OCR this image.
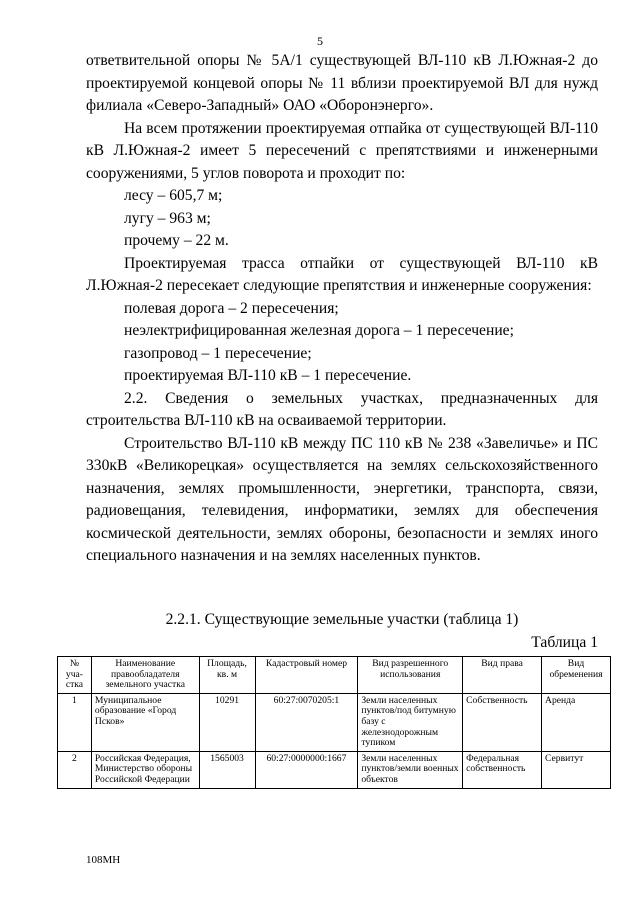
5

ответвительной опоры № 5А/1 существующей ВЛ-110 кВ Л.Южная-2 до проектируемой концевой опоры № 11 вблизи проектируемой ВЛ для нужд филиала «Северо-Западный» ОАО «Оборонэнерго».

На всем протяжении проектируемая отпайка от существующей ВЛ-110 кВ Л.Южная-2 имеет 5 пересечений с препятствиями и инженерными сооружениями, 5 углов поворота и проходит по:

лесу – 605,7 м;

лугу – 963 м;

прочему – 22 м.

Проектируемая трасса отпайки от существующей ВЛ-110 кВ Л.Южная-2 пересекает следующие препятствия и инженерные сооружения:

полевая дорога – 2 пересечения;

неэлектрифицированная железная дорога – 1 пересечение;

газопровод – 1 пересечение;

проектируемая ВЛ-110 кВ – 1 пересечение.

2.2. Сведения о земельных участках, предназначенных для строительства ВЛ-110 кВ на осваиваемой территории.

Строительство ВЛ-110 кВ между ПС 110 кВ № 238 «Завеличье» и ПС 330кВ «Великорецкая» осуществляется на землях сельскохозяйственного назначения, землях промышленности, энергетики, транспорта, связи, радиовещания, телевидения, информатики, землях для обеспечения космической деятельности, землях обороны, безопасности и землях иного специального назначения и на землях населенных пунктов.

2.2.1. Существующие земельные участки (таблица 1)
Таблица 1
№ уча-стка	Наименование правообладателя земельного участка	Площадь, кв. м	Кадастровый номер	Вид разрешенного использования	Вид права	Вид обременения
1	Муниципальное образование «Город Псков»	10291	60:27:0070205:1	Земли населенных пунктов/под битумную базу с железнодорожным тупиком	Собственность	Аренда
2	Российская Федерация, Министерство обороны Российской Федерации	1565003	60:27:0000000:1667	Земли населенных пунктов/земли военных объектов	Федеральная собственность	Сервитут
108МН
